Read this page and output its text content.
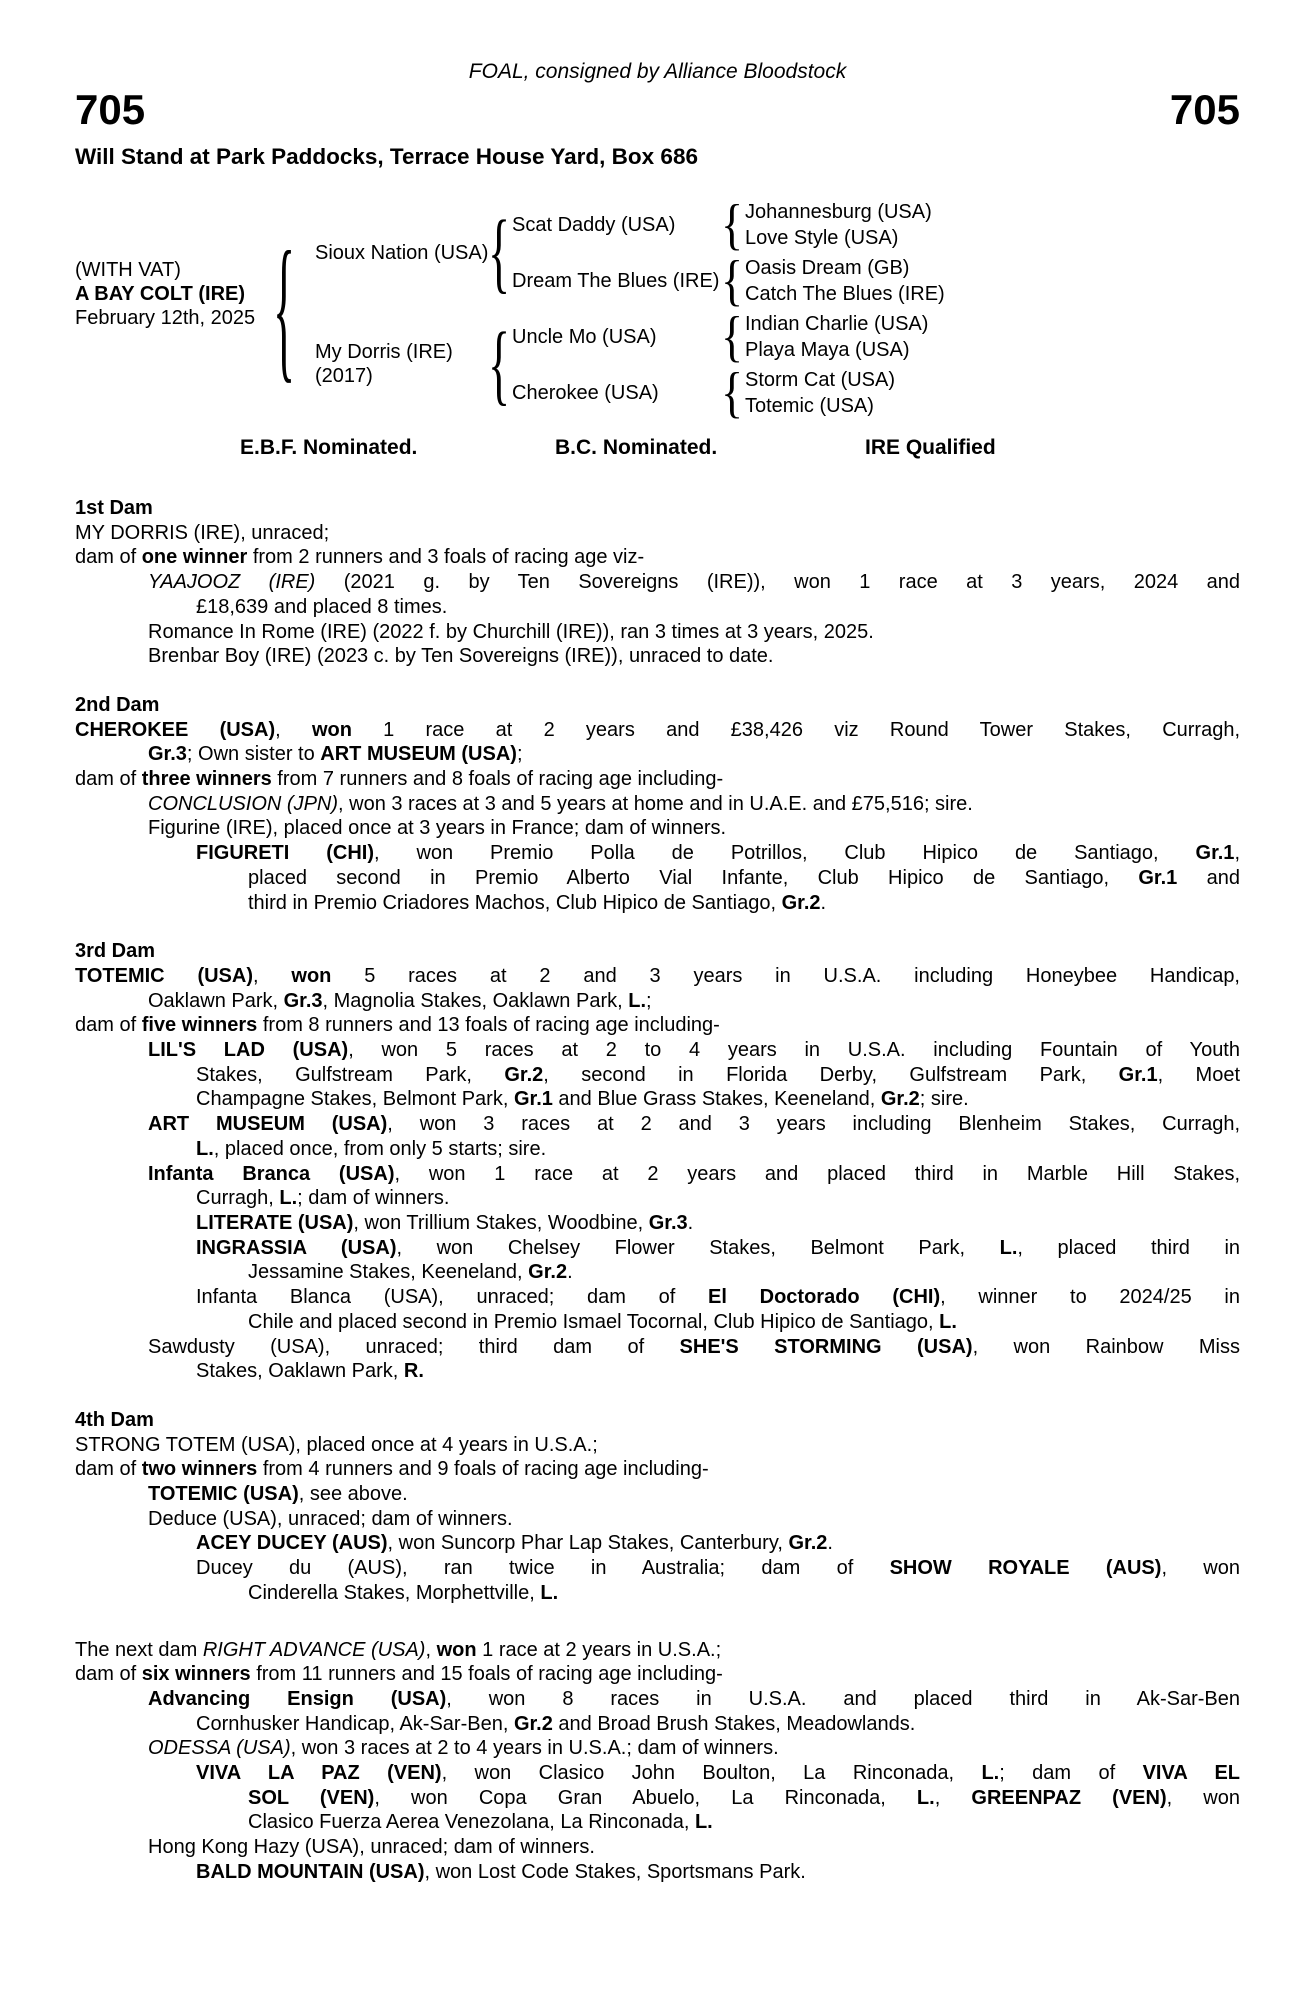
FOAL, consigned by Alliance Bloodstock
705	705
Will Stand at Park Paddocks, Terrace House Yard, Box 686
(WITH VAT)
A BAY COLT (IRE)
February 12th, 2025 { Sioux Nation (USA)
My Dorris (IRE)
(2017)
{
{
Scat Daddy (USA)
Dream The Blues (IRE)
Uncle Mo (USA)
Cherokee (USA)
{
{
{
{
Johannesburg (USA)
Love Style (USA)
Oasis Dream (GB)
Catch The Blues (IRE)
Indian Charlie (USA)
Playa Maya (USA)
Storm Cat (USA)
Totemic (USA)
E.B.F. Nominated.	B.C. Nominated.	IRE Qualified
1st Dam
MY DORRIS (IRE), unraced;
dam of one winner from 2 runners and 3 foals of racing age viz-
YAAJOOZ (IRE) (2021 g. by Ten Sovereigns (IRE)), won 1 race at 3 years, 2024 and
£18,639 and placed 8 times.
Romance In Rome (IRE) (2022 f. by Churchill (IRE)), ran 3 times at 3 years, 2025.
Brenbar Boy (IRE) (2023 c. by Ten Sovereigns (IRE)), unraced to date.
2nd Dam
CHEROKEE (USA), won 1 race at 2 years and £38,426 viz Round Tower Stakes, Curragh,
Gr.3; Own sister to ART MUSEUM (USA);
dam of three winners from 7 runners and 8 foals of racing age including-
CONCLUSION (JPN), won 3 races at 3 and 5 years at home and in U.A.E. and £75,516; sire.
Figurine (IRE), placed once at 3 years in France; dam of winners.
FIGURETI (CHI), won Premio Polla de Potrillos, Club Hipico de Santiago, Gr.1,
placed second in Premio Alberto Vial Infante, Club Hipico de Santiago, Gr.1 and
third in Premio Criadores Machos, Club Hipico de Santiago, Gr.2.
3rd Dam
TOTEMIC (USA), won 5 races at 2 and 3 years in U.S.A. including Honeybee Handicap,
Oaklawn Park, Gr.3, Magnolia Stakes, Oaklawn Park, L.;
dam of five winners from 8 runners and 13 foals of racing age including-
LIL'S LAD (USA), won 5 races at 2 to 4 years in U.S.A. including Fountain of Youth
Stakes, Gulfstream Park, Gr.2, second in Florida Derby, Gulfstream Park, Gr.1, Moet
Champagne Stakes, Belmont Park, Gr.1 and Blue Grass Stakes, Keeneland, Gr.2; sire.
ART MUSEUM (USA), won 3 races at 2 and 3 years including Blenheim Stakes, Curragh,
L., placed once, from only 5 starts; sire.
Infanta Branca (USA), won 1 race at 2 years and placed third in Marble Hill Stakes,
Curragh, L.; dam of winners.
LITERATE (USA), won Trillium Stakes, Woodbine, Gr.3.
INGRASSIA (USA), won Chelsey Flower Stakes, Belmont Park, L., placed third in
Jessamine Stakes, Keeneland, Gr.2.
Infanta Blanca (USA), unraced; dam of El Doctorado (CHI), winner to 2024/25 in
Chile and placed second in Premio Ismael Tocornal, Club Hipico de Santiago, L.
Sawdusty (USA), unraced; third dam of SHE'S STORMING (USA), won Rainbow Miss
Stakes, Oaklawn Park, R.
4th Dam
STRONG TOTEM (USA), placed once at 4 years in U.S.A.;
dam of two winners from 4 runners and 9 foals of racing age including-
TOTEMIC (USA), see above.
Deduce (USA), unraced; dam of winners.
ACEY DUCEY (AUS), won Suncorp Phar Lap Stakes, Canterbury, Gr.2.
Ducey du (AUS), ran twice in Australia; dam of SHOW ROYALE (AUS), won
Cinderella Stakes, Morphettville, L.
The next dam RIGHT ADVANCE (USA), won 1 race at 2 years in U.S.A.;
dam of six winners from 11 runners and 15 foals of racing age including-
Advancing Ensign (USA), won 8 races in U.S.A. and placed third in Ak-Sar-Ben
Cornhusker Handicap, Ak-Sar-Ben, Gr.2 and Broad Brush Stakes, Meadowlands.
ODESSA (USA), won 3 races at 2 to 4 years in U.S.A.; dam of winners.
VIVA LA PAZ (VEN), won Clasico John Boulton, La Rinconada, L.; dam of VIVA EL
SOL (VEN), won Copa Gran Abuelo, La Rinconada, L., GREENPAZ (VEN), won
Clasico Fuerza Aerea Venezolana, La Rinconada, L.
Hong Kong Hazy (USA), unraced; dam of winners.
BALD MOUNTAIN (USA), won Lost Code Stakes, Sportsmans Park.
